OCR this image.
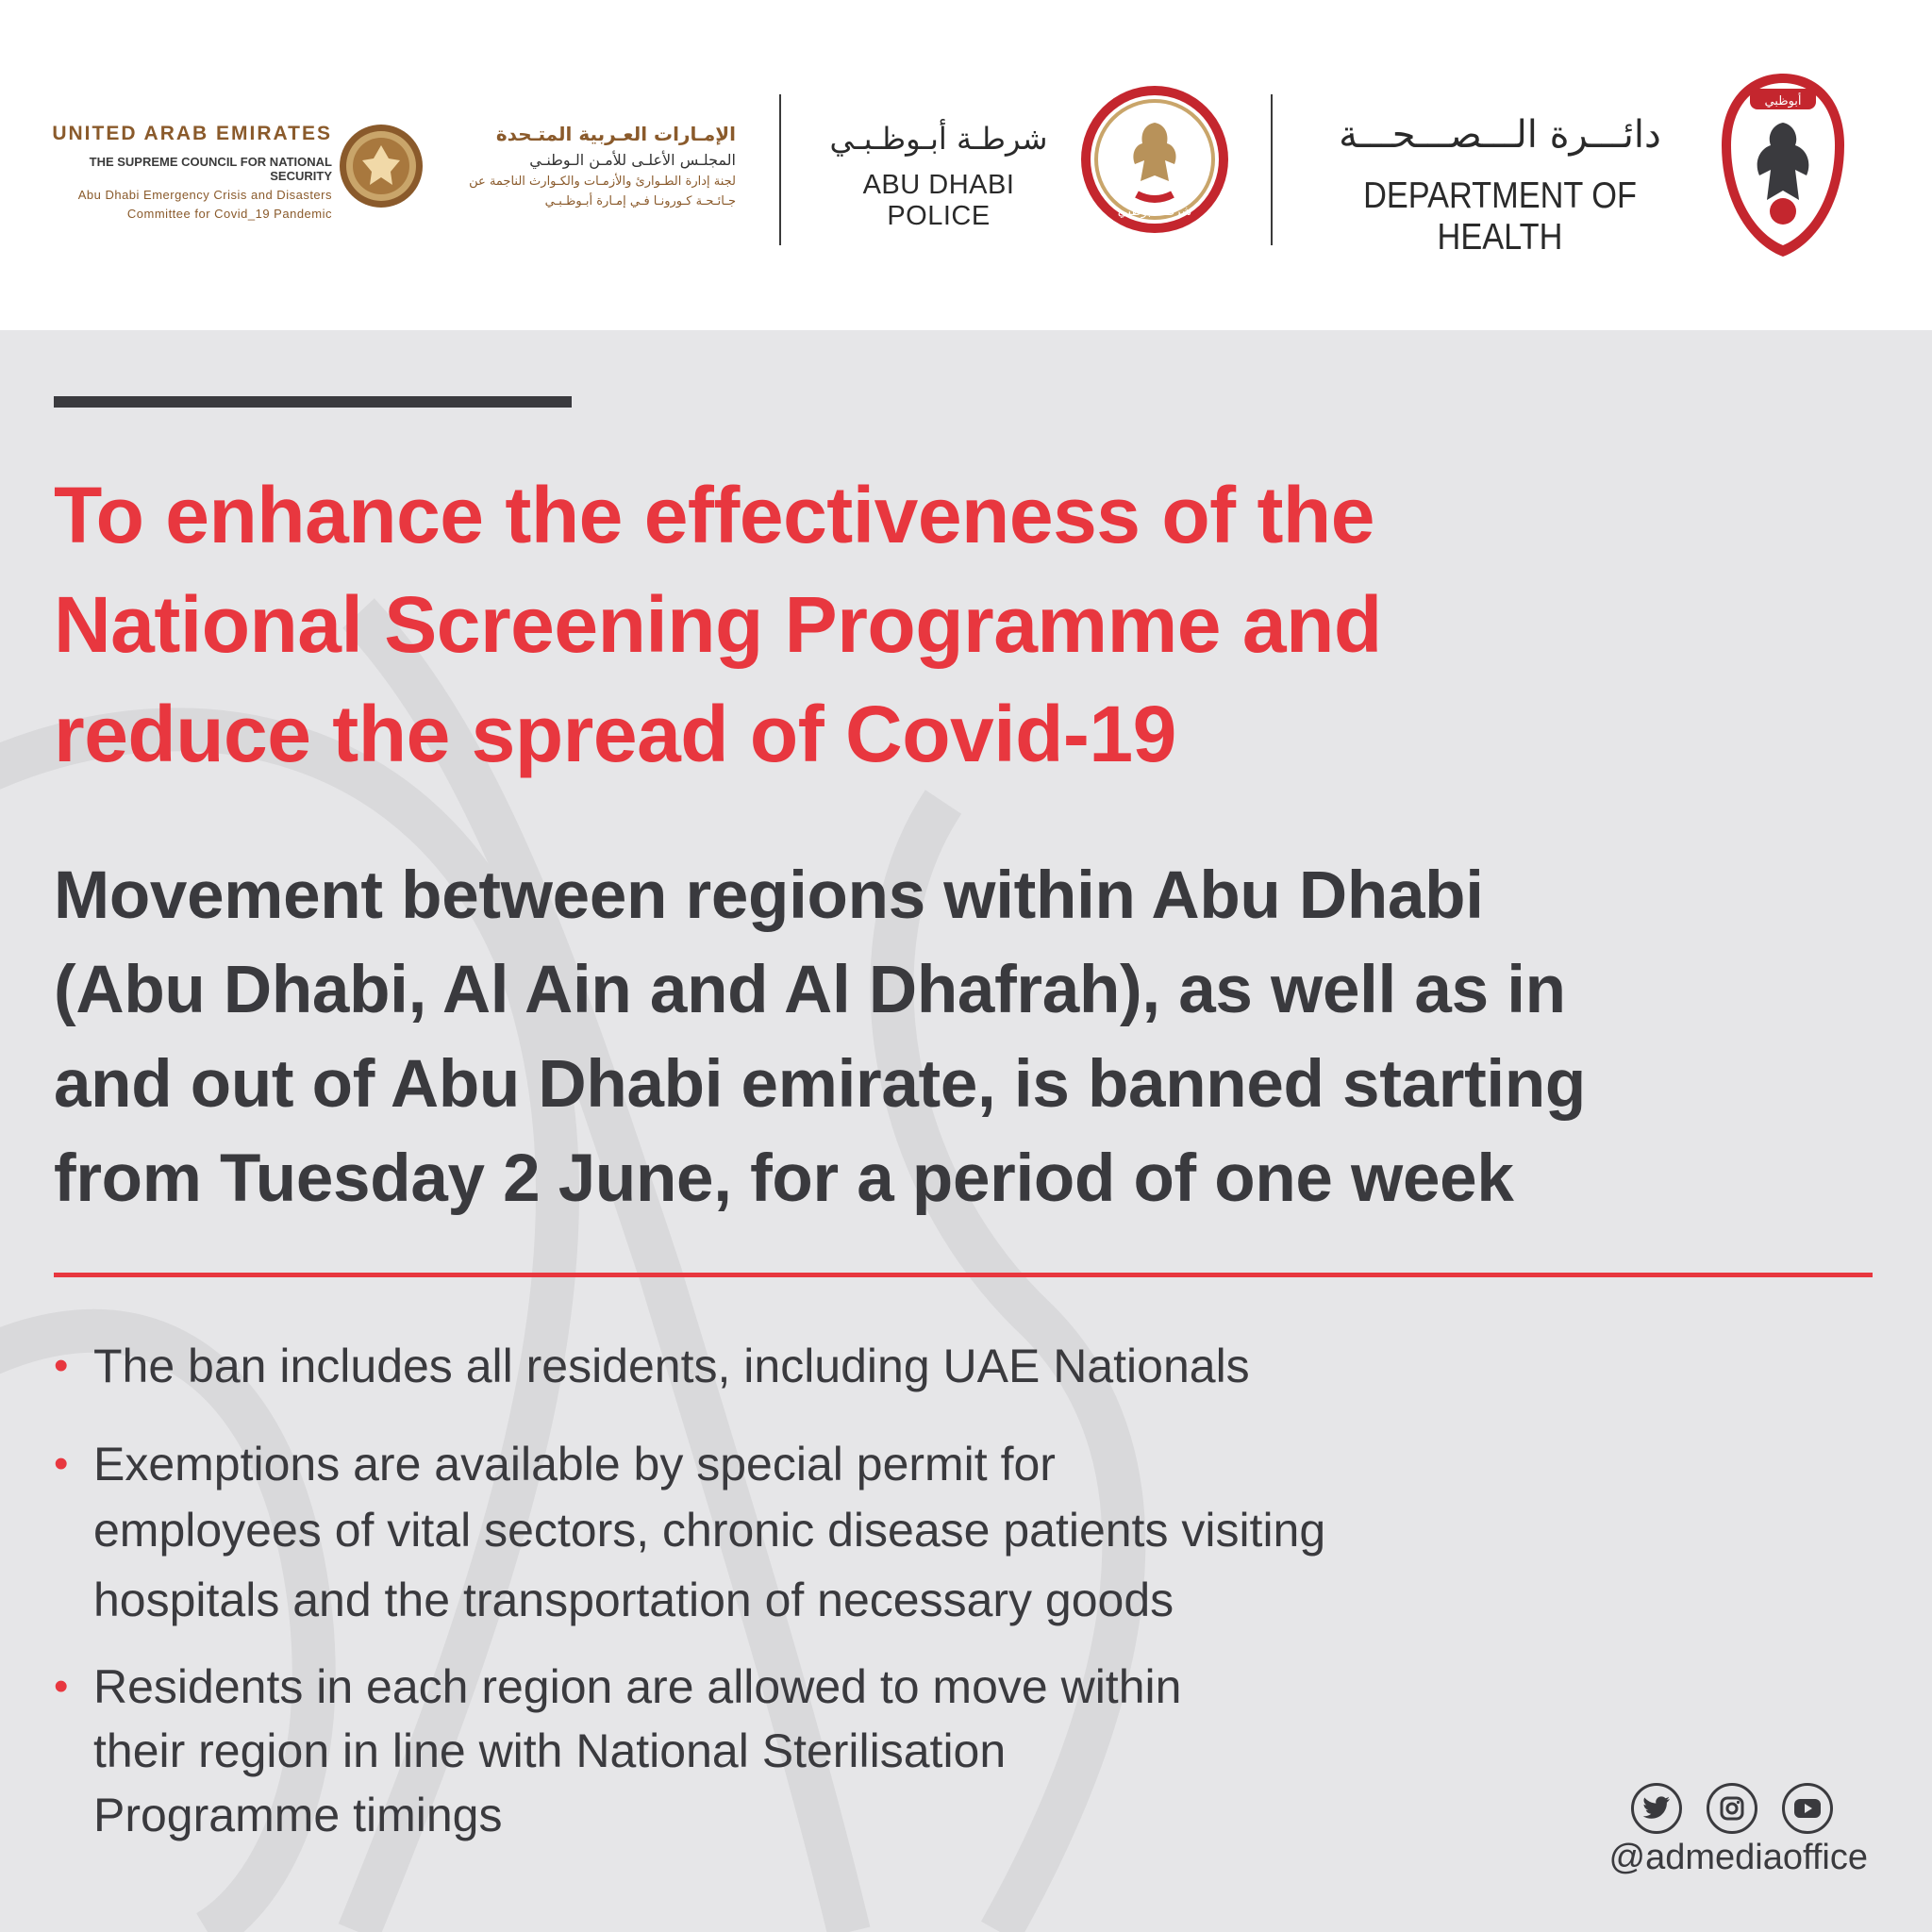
UNITED ARAB EMIRATES
THE SUPREME COUNCIL FOR NATIONAL SECURITY
Abu Dhabi Emergency Crisis and Disasters
Committee for Covid_19 Pandemic
الإمـارات العـربية المتـحدة
المجلـس الأعلـى للأمـن الـوطنـي
لجنة إدارة الطـوارئ والأزمـات والكـوارث الناجمة عن
جـائـحـة كـورونـا فـي إمـارة أبـوظـبـي
شرطـة أبـوظـبـي
ABU DHABI POLICE	شرطة أبوظبي
دائـــرة الـــصـــحـــة
DEPARTMENT OF HEALTH
أبوظبي
To enhance the effectiveness of the
National Screening Programme and
reduce the spread of Covid-19
Movement between regions within Abu Dhabi
(Abu Dhabi, Al Ain and Al Dhafrah), as well as in
and out of Abu Dhabi emirate, is banned starting
from Tuesday 2 June, for a period of one week
• The ban includes all residents, including UAE Nationals
• Exemptions are available by special permit for
employees of vital sectors, chronic disease patients visiting
hospitals and the transportation of necessary goods
• Residents in each region are allowed to move within
their region in line with National Sterilisation
Programme timings
@admediaoffice
